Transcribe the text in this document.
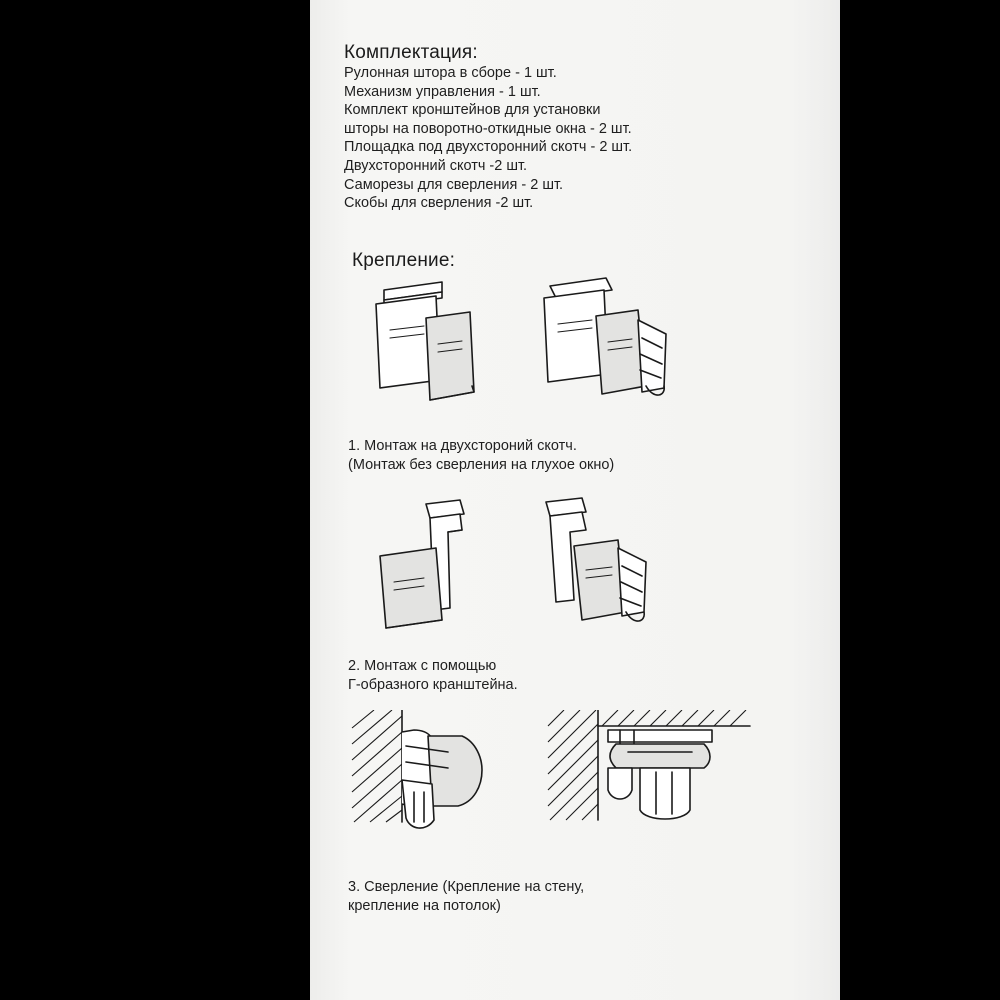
Комплектация:
Рулонная штора в сборе - 1 шт.
Механизм управления - 1 шт.
Комплект кронштейнов для установки
шторы на поворотно-откидные окна - 2 шт.
Площадка под двухсторонний скотч - 2 шт.
Двухсторонний скотч -2 шт.
Саморезы для сверления - 2 шт.
Скобы для сверления -2 шт.
Крепление:
1. Монтаж на двухстороний скотч.
(Монтаж без сверления на глухое окно)
2. Монтаж с помощью
Г-образного кранштейна.
3. Сверление (Крепление на стену,
крепление на потолок)
